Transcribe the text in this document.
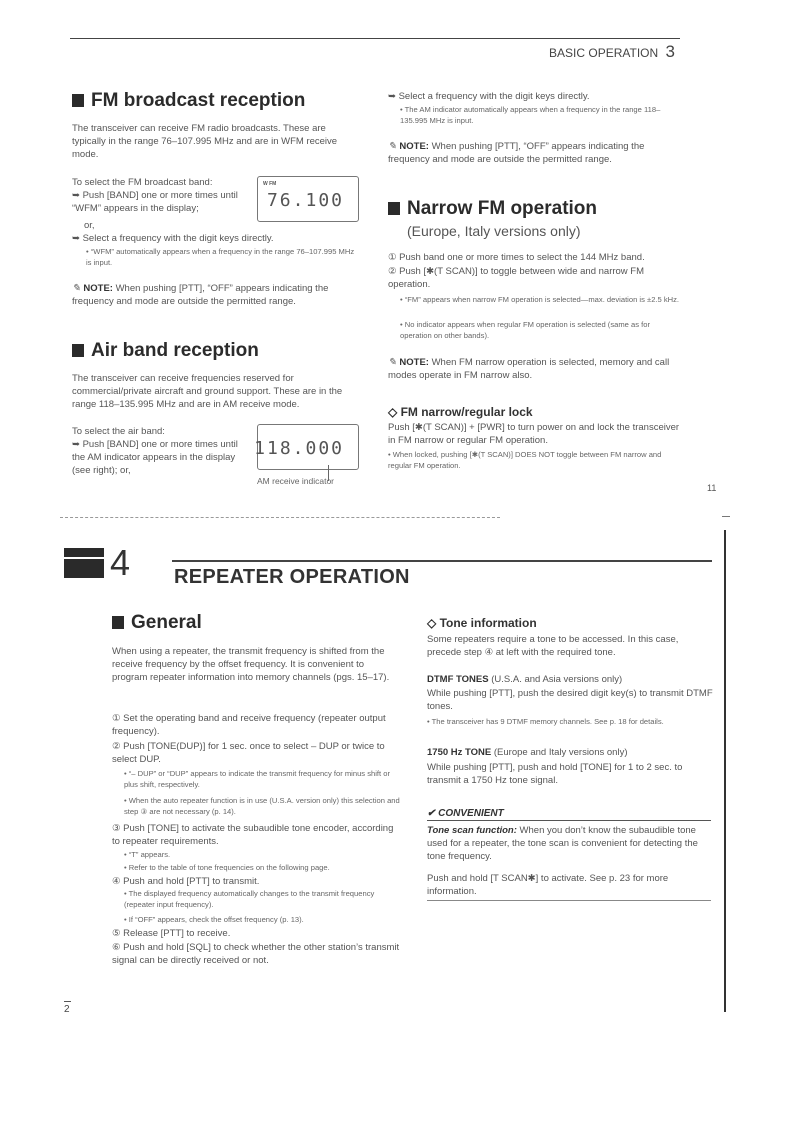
BASIC OPERATION 3
FM broadcast reception
The transceiver can receive FM radio broadcasts. These are typically in the range 76–107.995 MHz and are in WFM receive mode.
To select the FM broadcast band:
➥ Push [BAND] one or more times until “WFM” appears in the display;
or,
W FM
76.100
➥ Select a frequency with the digit keys directly.
• “WFM” automatically appears when a frequency in the range 76–107.995 MHz is input.
✎ NOTE: When pushing [PTT], “OFF” appears indicating the frequency and mode are outside the permitted range.
Air band reception
The transceiver can receive frequencies reserved for commercial/private aircraft and ground support. These are in the range 118–135.995 MHz and are in AM receive mode.
To select the air band:
➥ Push [BAND] one or more times until the AM indicator appears in the display (see right); or,
118.000
AM receive indicator
➥ Select a frequency with the digit keys directly.
• The AM indicator automatically appears when a frequency in the range 118–135.995 MHz is input.
✎ NOTE: When pushing [PTT], “OFF” appears indicating the frequency and mode are outside the permitted range.
Narrow FM operation
(Europe, Italy versions only)
① Push band one or more times to select the 144 MHz band.
② Push [✱(T SCAN)] to toggle between wide and narrow FM operation.
• “FM” appears when narrow FM operation is selected—max. deviation is ±2.5 kHz.
• No indicator appears when regular FM operation is selected (same as for operation on other bands).
✎ NOTE: When FM narrow operation is selected, memory and call modes operate in FM narrow also.
◇ FM narrow/regular lock
Push [✱(T SCAN)] + [PWR] to turn power on and lock the transceiver in FM narrow or regular FM operation.
• When locked, pushing [✱(T SCAN)] DOES NOT toggle between FM narrow and regular FM operation.
11
4 REPEATER OPERATION
General
When using a repeater, the transmit frequency is shifted from the receive frequency by the offset frequency. It is convenient to program repeater information into memory channels (pgs. 15–17).
① Set the operating band and receive frequency (repeater output frequency).
② Push [TONE(DUP)] for 1 sec. once to select – DUP or twice to select DUP.
• “– DUP” or “DUP” appears to indicate the transmit frequency for minus shift or plus shift, respectively.
• When the auto repeater function is in use (U.S.A. version only) this selection and step ③ are not necessary (p. 14).
③ Push [TONE] to activate the subaudible tone encoder, according to repeater requirements.
• “T” appears.
• Refer to the table of tone frequencies on the following page.
④ Push and hold [PTT] to transmit.
• The displayed frequency automatically changes to the transmit frequency (repeater input frequency).
• If “OFF” appears, check the offset frequency (p. 13).
⑤ Release [PTT] to receive.
⑥ Push and hold [SQL] to check whether the other station’s transmit signal can be directly received or not.
◇ Tone information
Some repeaters require a tone to be accessed. In this case, precede step ④ at left with the required tone.
DTMF TONES (U.S.A. and Asia versions only)
While pushing [PTT], push the desired digit key(s) to transmit DTMF tones.
• The transceiver has 9 DTMF memory channels. See p. 18 for details.
1750 Hz TONE (Europe and Italy versions only)
While pushing [PTT], push and hold [TONE] for 1 to 2 sec. to transmit a 1750 Hz tone signal.
✔ CONVENIENT
Tone scan function: When you don’t know the subaudible tone used for a repeater, the tone scan is convenient for detecting the tone frequency.
Push and hold [T SCAN✱] to activate. See p. 23 for more information.
2
